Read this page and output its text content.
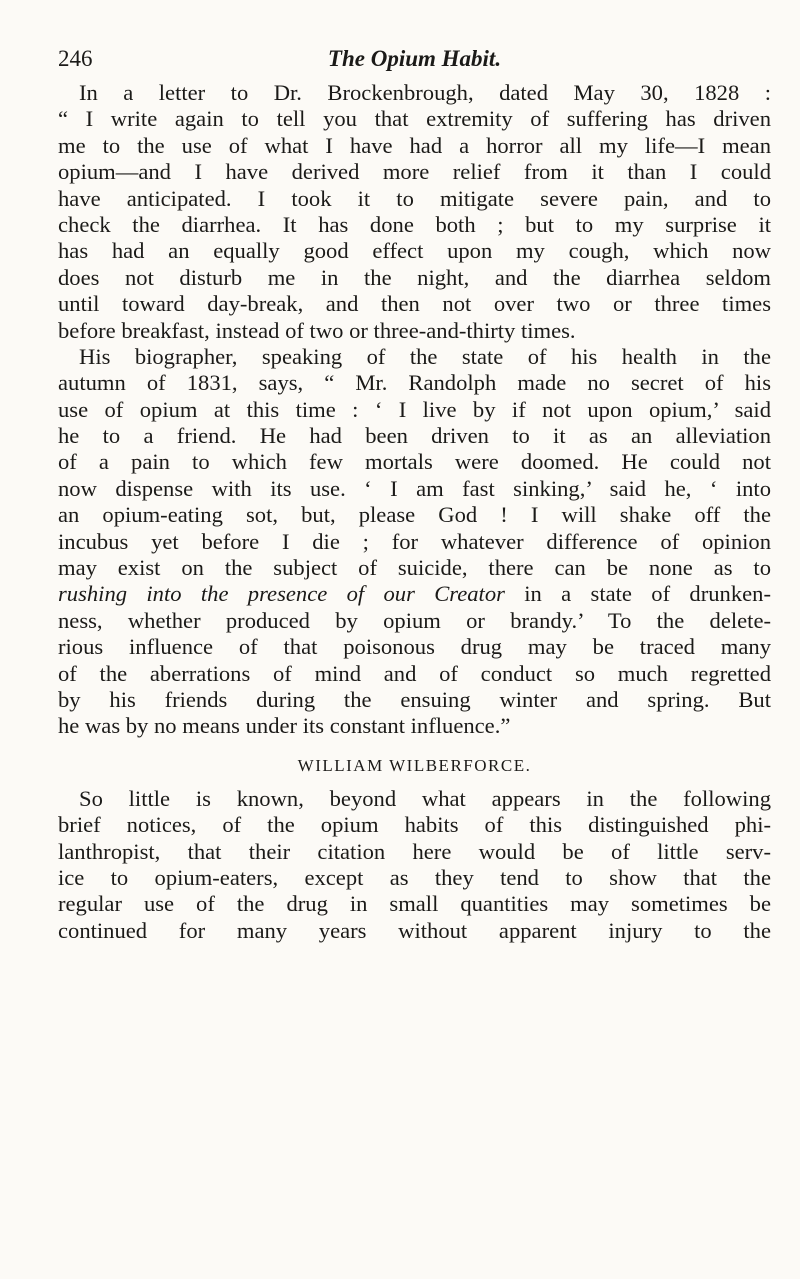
246	The Opium Habit.
In a letter to Dr. Brockenbrough, dated May 30, 1828 :
“ I write again to tell you that extremity of suffering has driven
me to the use of what I have had a horror all my life—I mean
opium—and I have derived more relief from it than I could
have anticipated. I took it to mitigate severe pain, and to
check the diarrhea. It has done both ; but to my surprise it
has had an equally good effect upon my cough, which now
does not disturb me in the night, and the diarrhea seldom
until toward day-break, and then not over two or three times
before breakfast, instead of two or three-and-thirty times.
His biographer, speaking of the state of his health in the
autumn of 1831, says, “ Mr. Randolph made no secret of his
use of opium at this time : ‘ I live by if not upon opium,’ said
he to a friend. He had been driven to it as an alleviation
of a pain to which few mortals were doomed. He could not
now dispense with its use. ‘ I am fast sinking,’ said he, ‘ into
an opium-eating sot, but, please God ! I will shake off the
incubus yet before I die ; for whatever difference of opinion
may exist on the subject of suicide, there can be none as to
rushing into the presence of our Creator in a state of drunken-
ness, whether produced by opium or brandy.’ To the delete-
rious influence of that poisonous drug may be traced many
of the aberrations of mind and of conduct so much regretted
by his friends during the ensuing winter and spring. But
he was by no means under its constant influence.”
WILLIAM WILBERFORCE.
So little is known, beyond what appears in the following
brief notices, of the opium habits of this distinguished phi-
lanthropist, that their citation here would be of little serv-
ice to opium-eaters, except as they tend to show that the
regular use of the drug in small quantities may sometimes be
continued for many years without apparent injury to the
